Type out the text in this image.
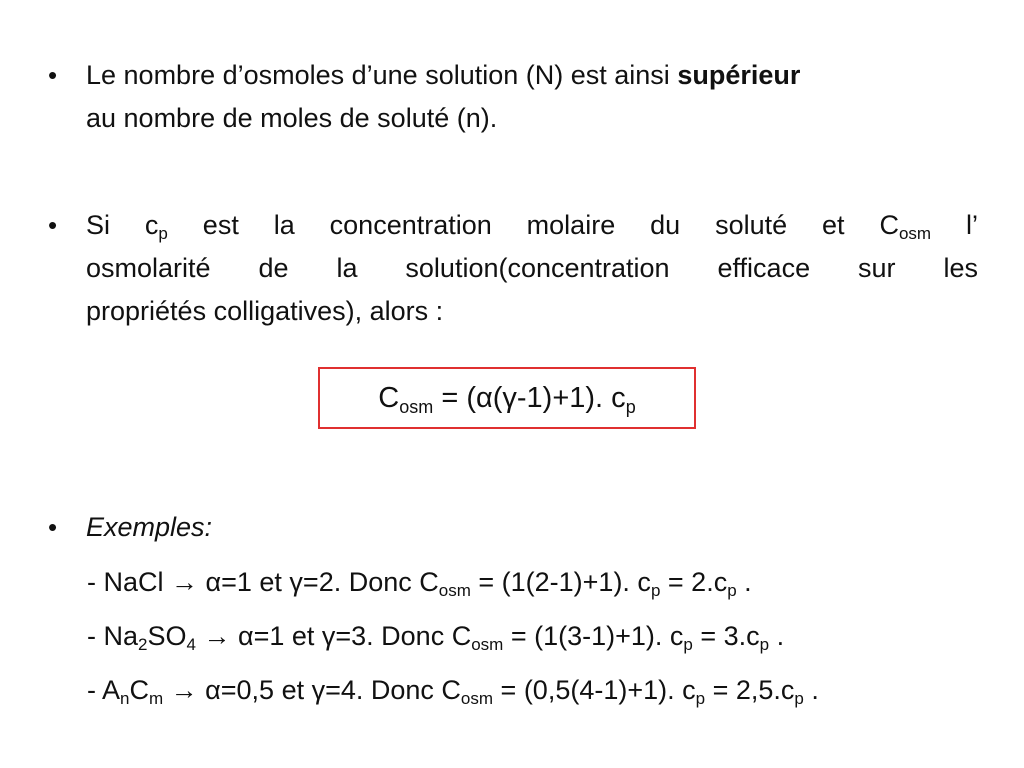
• Le nombre d’osmoles d’une solution (N) est ainsi supérieur
au nombre de moles de soluté (n).
• Si $c_p$ est la concentration molaire du soluté et $C_{osm}$ l’
osmolarité de la solution(concentration efficace sur les
propriétés colligatives), alors :
$C_{osm} = (\alpha(\gamma-1)+1)$. $c_p$
• Exemples:
- NaCl → α=1 et γ=2. Donc $C_{osm} = (1(2-1)+1)$. $c_p = 2.c_p$ .
- $Na_2SO_4 \to \alpha=1$ et γ=3. Donc $C_{osm} = (1(3-1)+1)$. $c_p = 3.c_p$ .
- $A_nC_m \to \alpha=0,5$ et γ=4. Donc $C_{osm} = (0,5(4-1)+1)$. $c_p = 2,5.c_p$ .
